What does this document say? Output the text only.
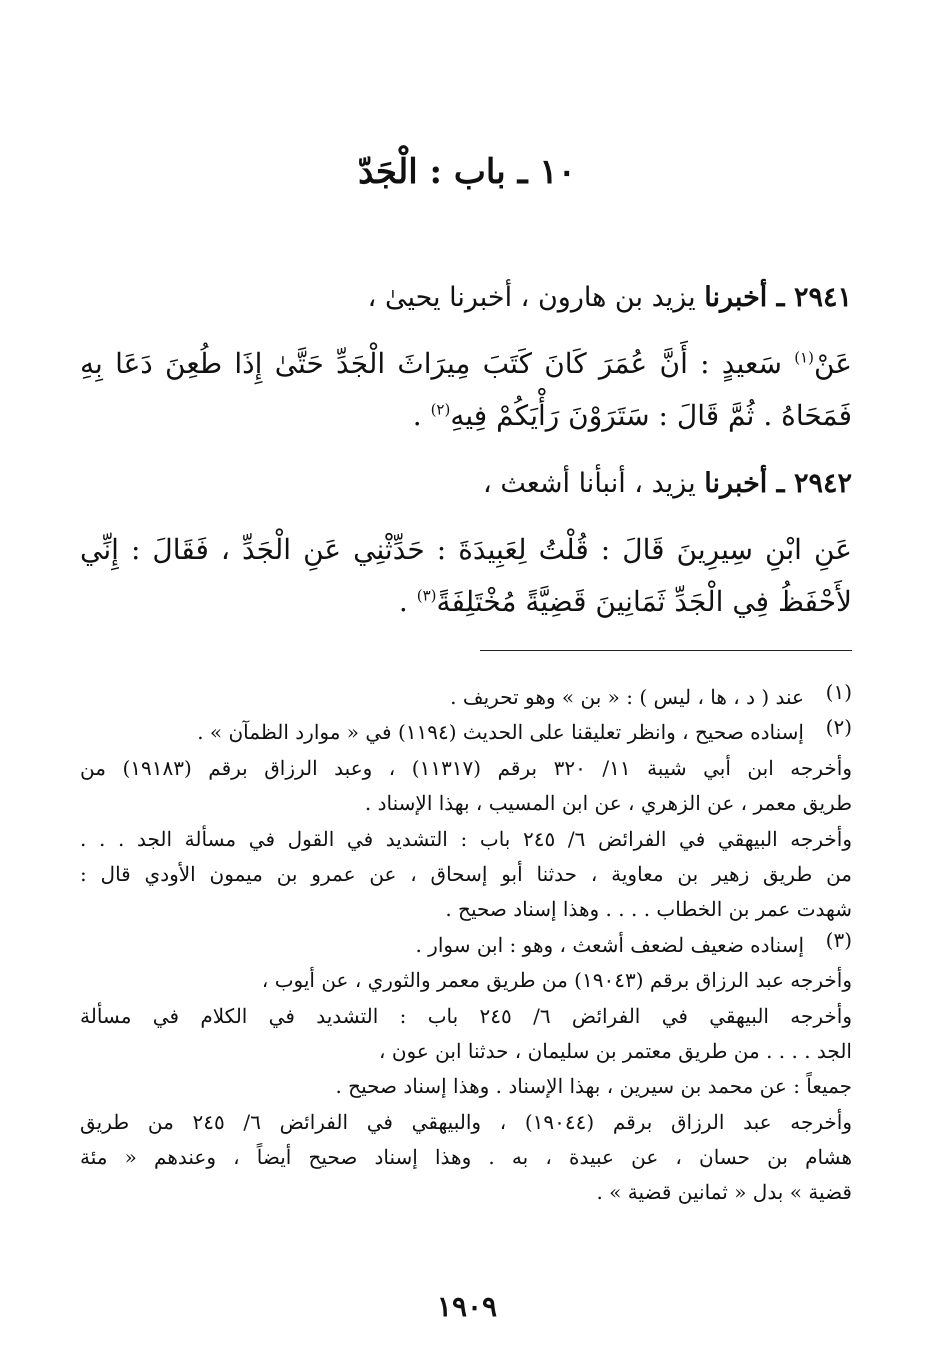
١٠ ـ باب : الْجَدّ
٢٩٤١ ـ أخبرنا يزيد بن هارون ، أخبرنا يحيىٰ ،
عَنْ$^{(١)}$ سَعيدٍ : أَنَّ عُمَرَ كَانَ كَتَبَ مِيرَاثَ الْجَدِّ حَتَّىٰ إِذَا طُعِنَ دَعَا بِهِ
فَمَحَاهُ . ثُمَّ قَالَ : سَتَرَوْنَ رَأْيَكُمْ فِيهِ$^{(٢)}$ .
٢٩٤٢ ـ أخبرنا يزيد ، أنبأنا أشعث ،
عَنِ ابْنِ سِيرِينَ قَالَ : قُلْتُ لِعَبِيدَةَ : حَدِّثْنِي عَنِ الْجَدِّ ، فَقَالَ : إِنِّي
لأَحْفَظُ فِي الْجَدِّ ثَمَانِينَ قَضِيَّةً مُخْتَلِفَةً$^{(٣)}$ .
(١)
عند ( د ، ها ، ليس ) : « بن » وهو تحريف .
(٢)
إسناده صحيح ، وانظر تعليقنا على الحديث (١١٩٤) في « موارد الظمآن » .
وأخرجه ابن أبي شيبة ١١/ ٣٢٠ برقم (١١٣١٧) ، وعبد الرزاق برقم (١٩١٨٣) من
طريق معمر ، عن الزهري ، عن ابن المسيب ، بهذا الإسناد .
وأخرجه البيهقي في الفرائض ٦/ ٢٤٥ باب : التشديد في القول في مسألة الجد . . .
من طريق زهير بن معاوية ، حدثنا أبو إسحاق ، عن عمرو بن ميمون الأودي قال :
شهدت عمر بن الخطاب . . . . وهذا إسناد صحيح .
(٣)
إسناده ضعيف لضعف أشعث ، وهو : ابن سوار .
وأخرجه عبد الرزاق برقم (١٩٠٤٣) من طريق معمر والثوري ، عن أيوب ،
وأخرجه البيهقي في الفرائض ٦/ ٢٤٥ باب : التشديد في الكلام في مسألة
الجد . . . . من طريق معتمر بن سليمان ، حدثنا ابن عون ،
جميعاً : عن محمد بن سيرين ، بهذا الإسناد . وهذا إسناد صحيح .
وأخرجه عبد الرزاق برقم (١٩٠٤٤) ، والبيهقي في الفرائض ٦/ ٢٤٥ من طريق
هشام بن حسان ، عن عبيدة ، به . وهذا إسناد صحيح أيضاً ، وعندهم « مئة
قضية » بدل « ثمانين قضية » .
١٩٠٩
